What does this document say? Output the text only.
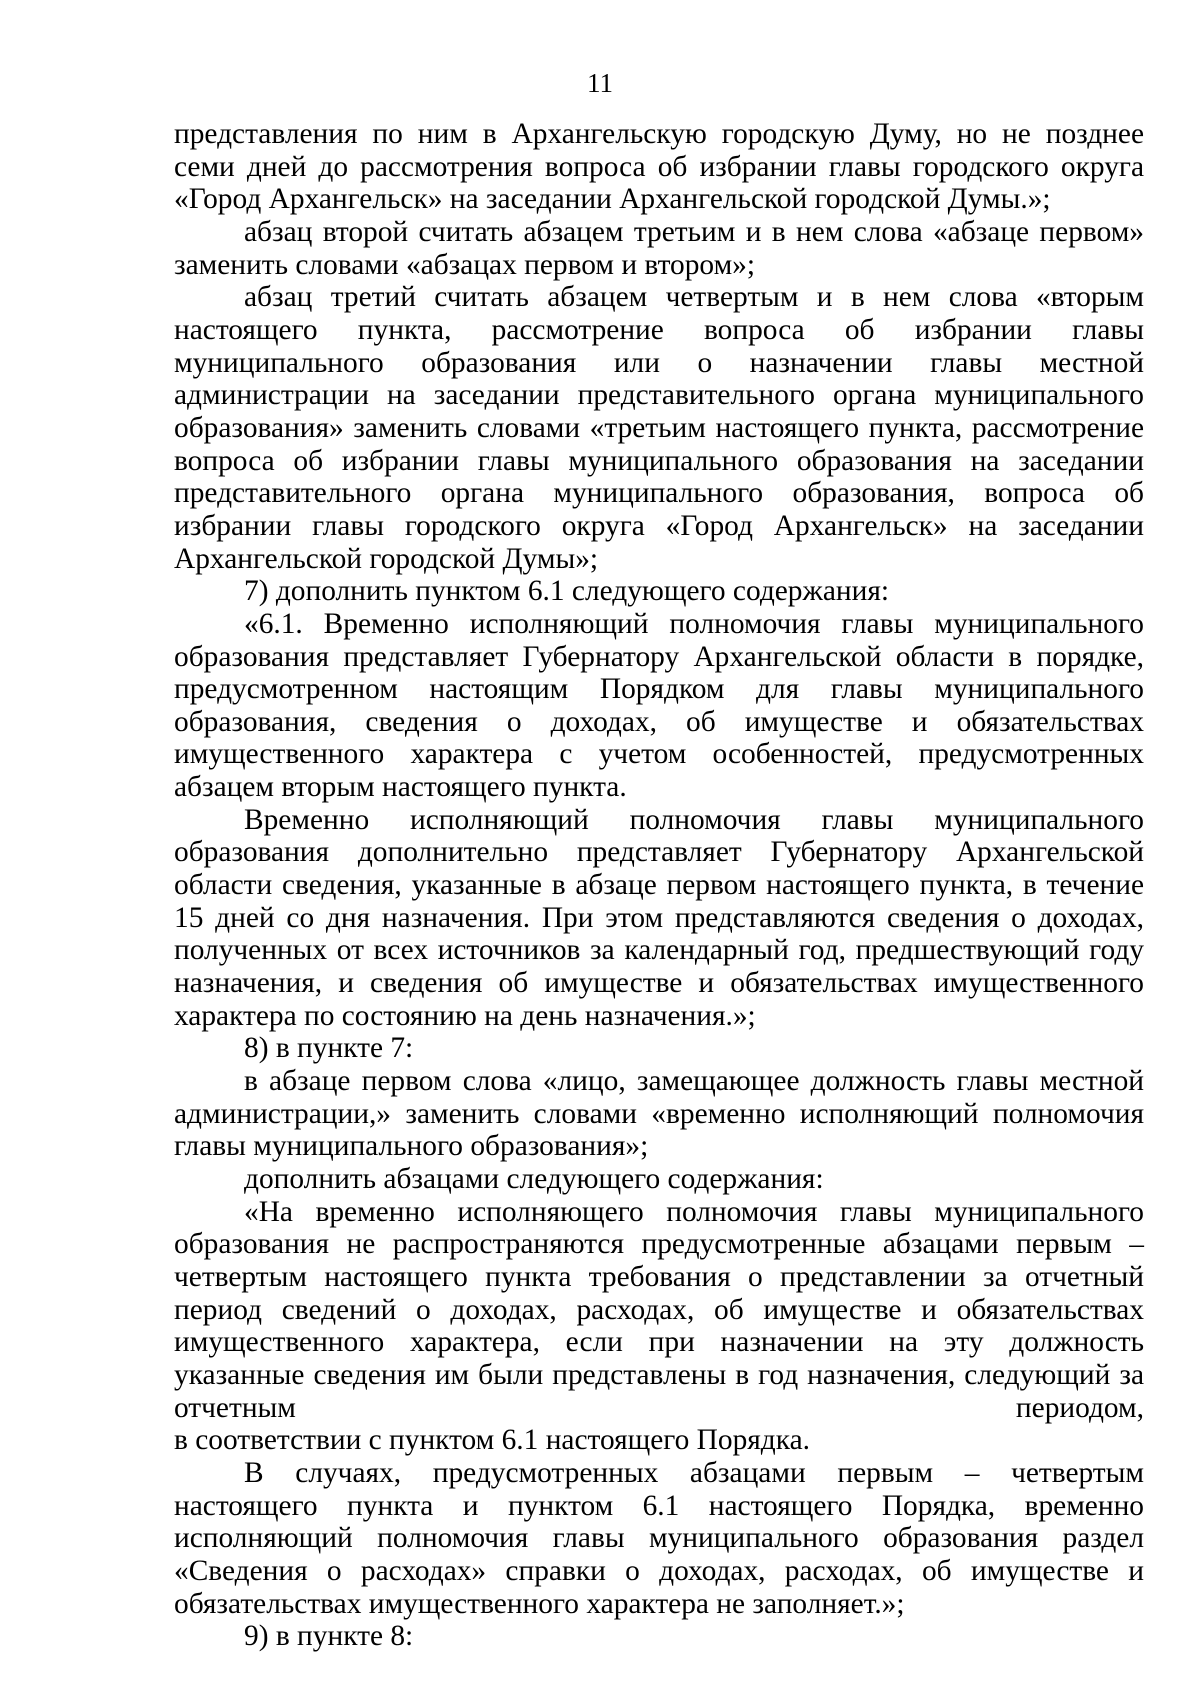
11

представления по ним в Архангельскую городскую Думу, но не позднее семи дней до рассмотрения вопроса об избрании главы городского округа «Город Архангельск» на заседании Архангельской городской Думы.»;

абзац второй считать абзацем третьим и в нем слова «абзаце первом» заменить словами «абзацах первом и втором»;

абзац третий считать абзацем четвертым и в нем слова «вторым настоящего пункта, рассмотрение вопроса об избрании главы муниципального образования или о назначении главы местной администрации на заседании представительного органа муниципального образования» заменить словами «третьим настоящего пункта, рассмотрение вопроса об избрании главы муниципального образования на заседании представительного органа муниципального образования, вопроса об избрании главы городского округа «Город Архангельск» на заседании Архангельской городской Думы»;

7) дополнить пунктом 6.1 следующего содержания:

«6.1. Временно исполняющий полномочия главы муниципального образования представляет Губернатору Архангельской области в порядке, предусмотренном настоящим Порядком для главы муниципального образования, сведения о доходах, об имуществе и обязательствах имущественного характера с учетом особенностей, предусмотренных абзацем вторым настоящего пункта.

Временно исполняющий полномочия главы муниципального образования дополнительно представляет Губернатору Архангельской области сведения, указанные в абзаце первом настоящего пункта, в течение 15 дней со дня назначения. При этом представляются сведения о доходах, полученных от всех источников за календарный год, предшествующий году назначения, и сведения об имуществе и обязательствах имущественного характера по состоянию на день назначения.»;

8) в пункте 7:

в абзаце первом слова «лицо, замещающее должность главы местной администрации,» заменить словами «временно исполняющий полномочия главы муниципального образования»;

дополнить абзацами следующего содержания:

«На временно исполняющего полномочия главы муниципального образования не распространяются предусмотренные абзацами первым – четвертым настоящего пункта требования о представлении за отчетный период сведений о доходах, расходах, об имуществе и обязательствах имущественного характера, если при назначении на эту должность указанные сведения им были представлены в год назначения, следующий за отчетным периодом,

в соответствии с пунктом 6.1 настоящего Порядка.

В случаях, предусмотренных абзацами первым – четвертым настоящего пункта и пунктом 6.1 настоящего Порядка, временно исполняющий полномочия главы муниципального образования раздел «Сведения о расходах» справки о доходах, расходах, об имуществе и обязательствах имущественного характера не заполняет.»;

9) в пункте 8:
